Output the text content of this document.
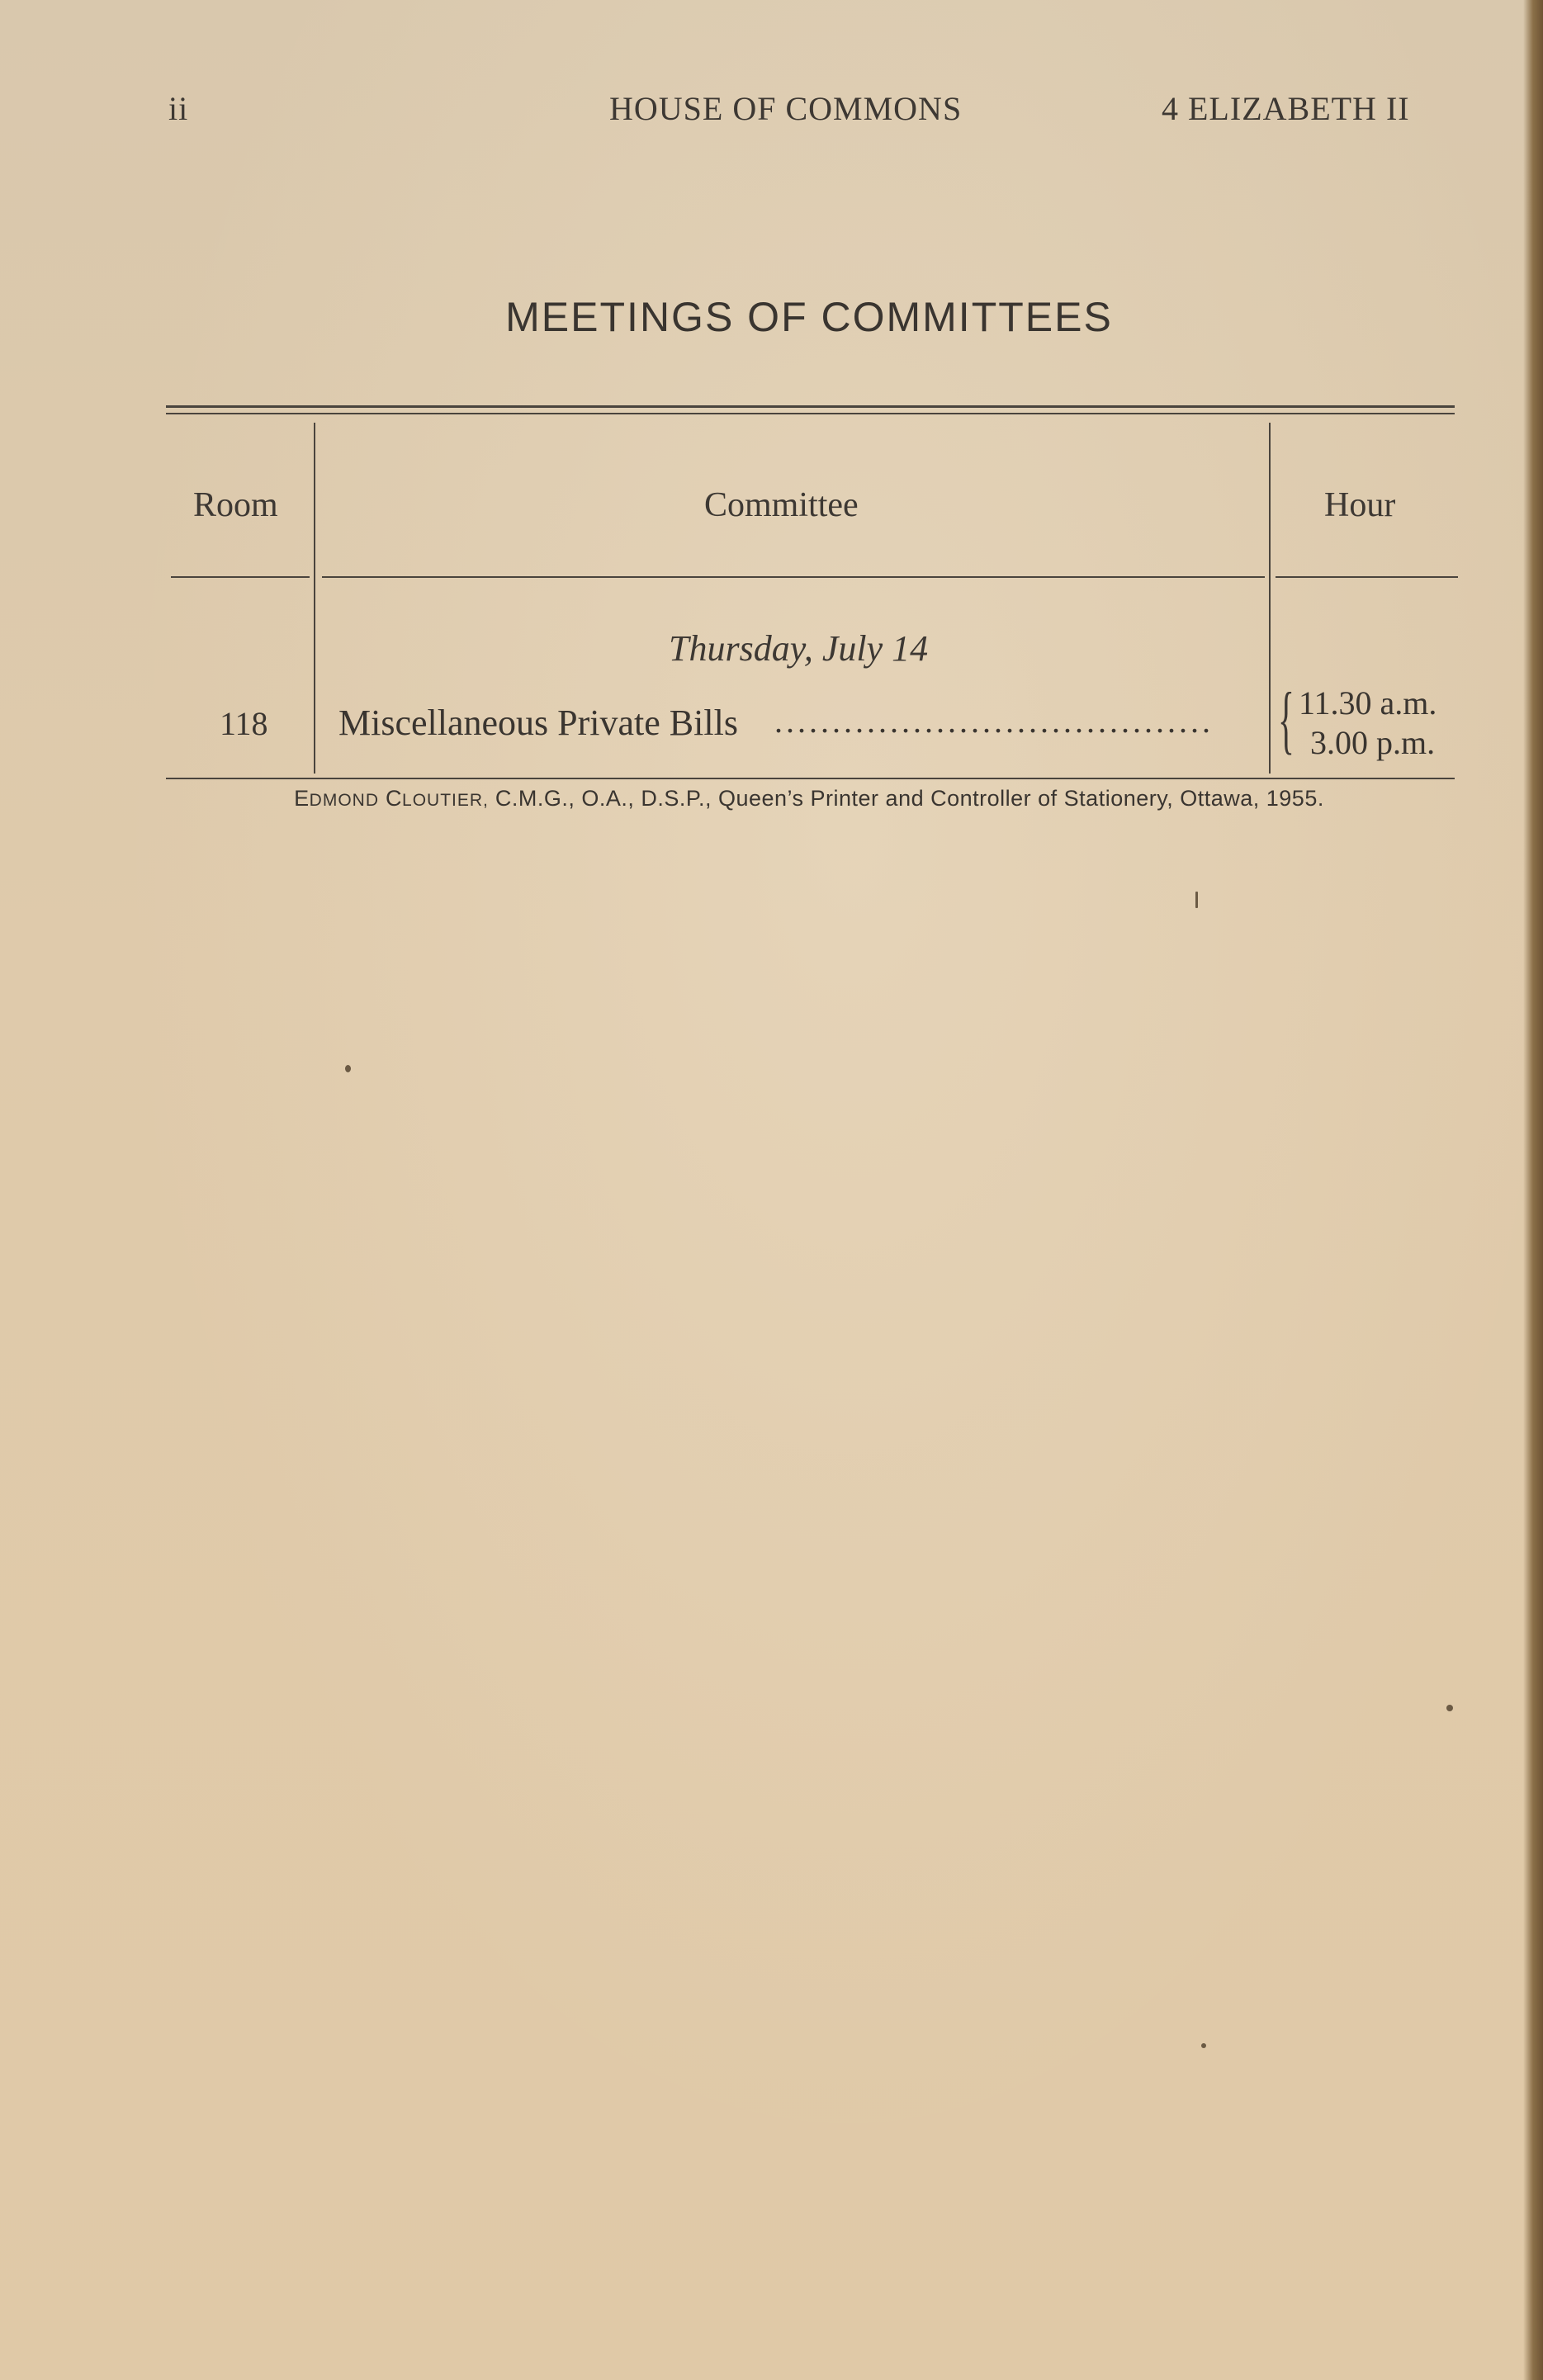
ii	HOUSE OF COMMONS	4 ELIZABETH II
MEETINGS OF COMMITTEES
Room	Committee	Hour
Thursday, July 14
118 Miscellaneous Private Bills ...................................... { 11.30 a.m.
3.00 p.m.
EDMOND CLOUTIER, C.M.G., O.A., D.S.P., Queen’s Printer and Controller of Stationery, Ottawa, 1955.
